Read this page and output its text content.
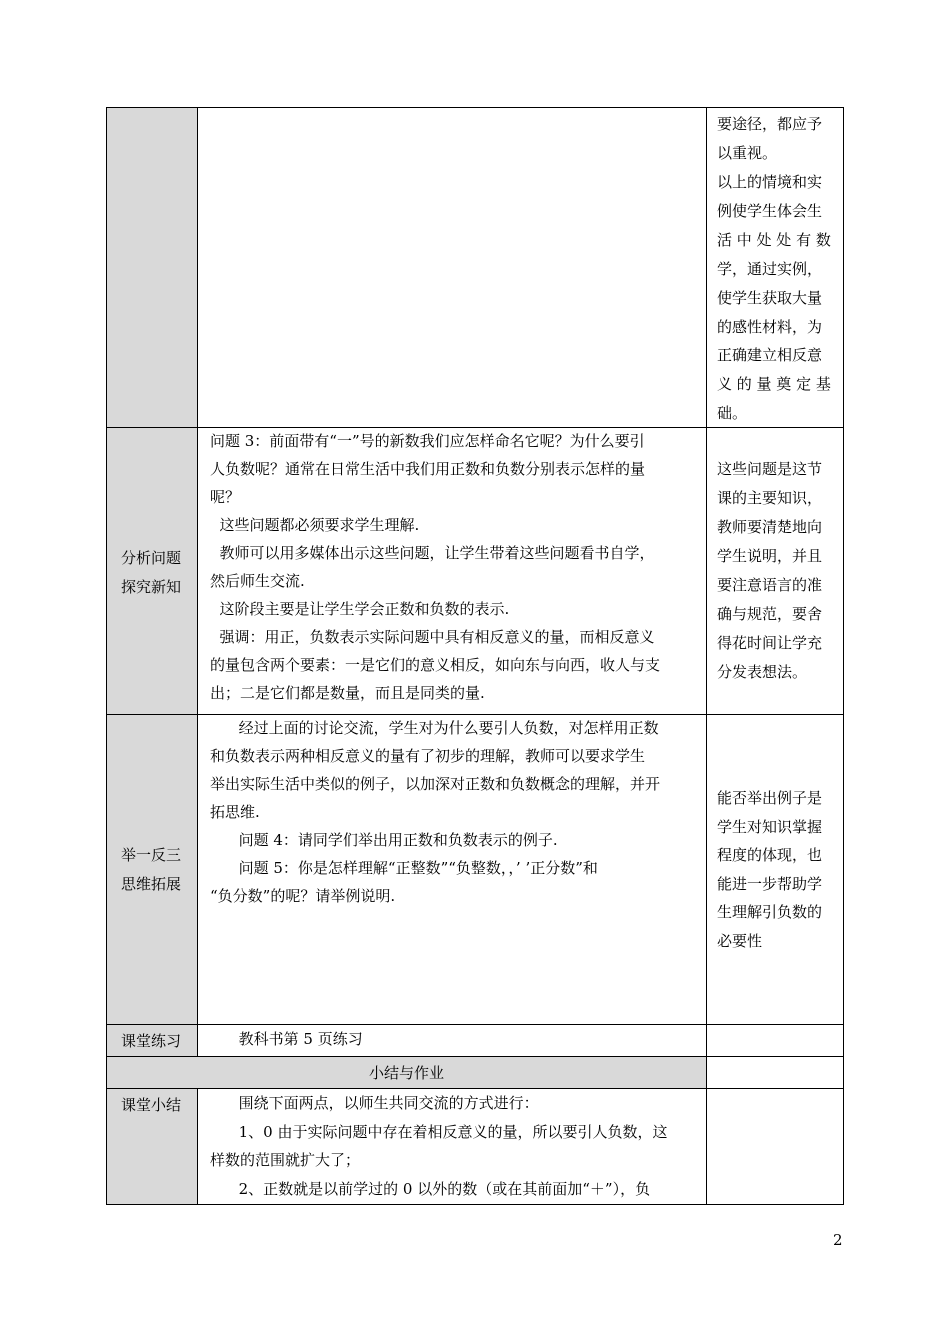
要途径，都应予
以重视。
以上的情境和实
例使学生体会生
活 中 处 处 有 数
学，通过实例，
使学生获取大量
的感性材料，为
正确建立相反意
义 的 量 奠 定 基
础。
分析问题
探究新知
问题 3：前面带有“一”号的新数我们应怎样命名它呢？为什么要引
人负数呢？通常在日常生活中我们用正数和负数分别表示怎样的量
呢？
这些问题都必须要求学生理解.
教师可以用多媒体出示这些问题，让学生带着这些问题看书自学，
然后师生交流.
这阶段主要是让学生学会正数和负数的表示.
强调：用正，负数表示实际问题中具有相反意义的量，而相反意义
的量包含两个要素：一是它们的意义相反，如向东与向西，收人与支
出；二是它们都是数量，而且是同类的量.
这些问题是这节
课的主要知识，
教师要清楚地向
学生说明，并且
要注意语言的准
确与规范，要舍
得花时间让学充
分发表想法。
举一反三
思维拓展
经过上面的讨论交流，学生对为什么要引人负数，对怎样用正数
和负数表示两种相反意义的量有了初步的理解，教师可以要求学生
举出实际生活中类似的例子，以加深对正数和负数概念的理解，并开
拓思维.
问题 4：请同学们举出用正数和负数表示的例子.
问题 5：你是怎样理解“正整数”“负整数，，’ ’正分数”和
“负分数”的呢？请举例说明.
能否举出例子是
学生对知识掌握
程度的体现，也
能进一步帮助学
生理解引负数的
必要性
课堂练习 教科书第 5 页练习
小结与作业
课堂小结 围绕下面两点，以师生共同交流的方式进行：
1、0 由于实际问题中存在着相反意义的量，所以要引人负数，这
样数的范围就扩大了；
2、正数就是以前学过的 0 以外的数（或在其前面加“＋”），负
2
